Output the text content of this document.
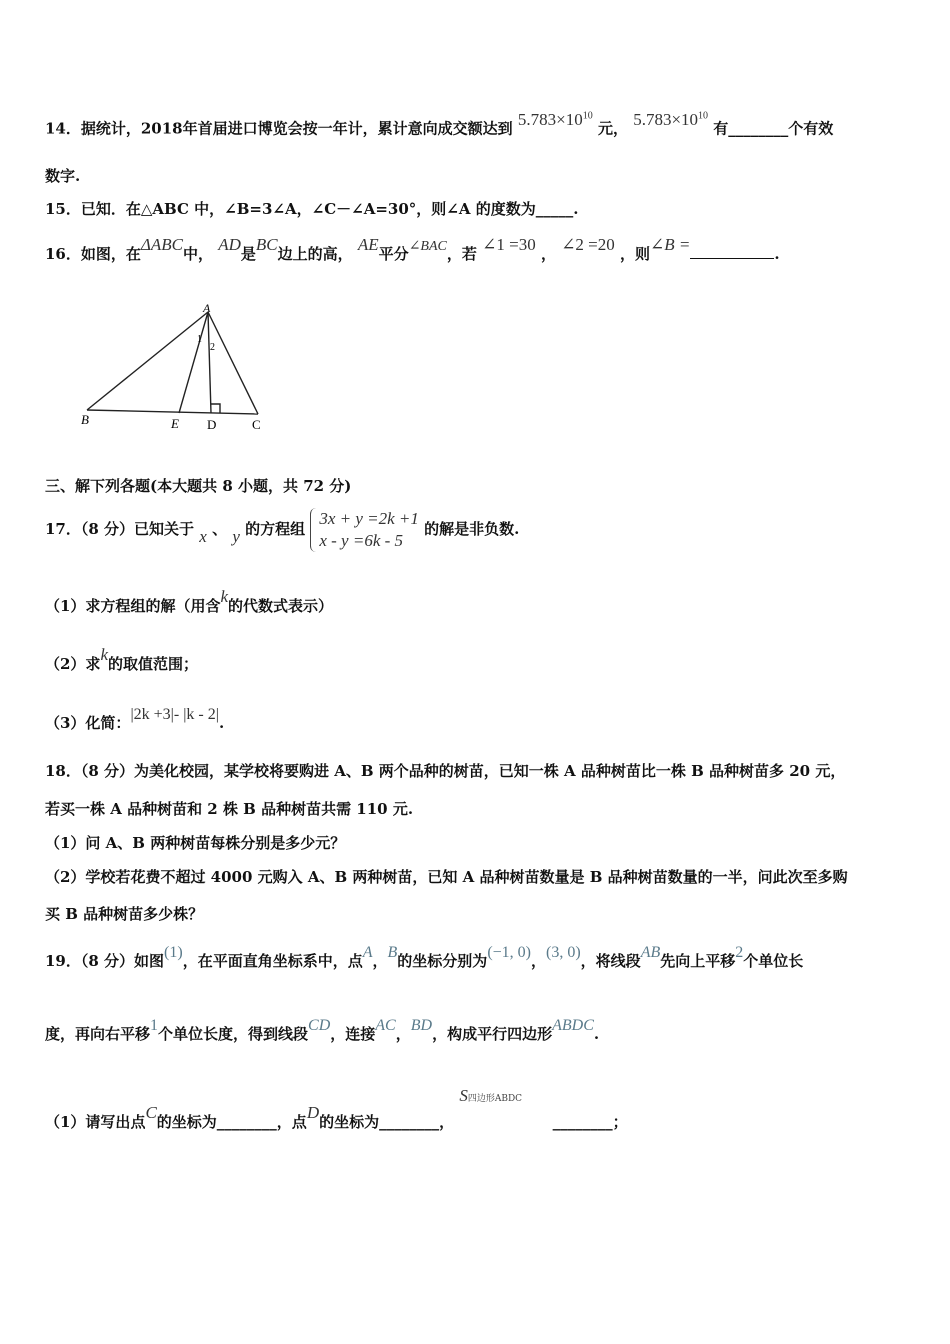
14．据统计，2018年首届进口博览会按一年计，累计意向成交额达到 $5.783\times 10^{10}$ 元， $5.783\times 10^{10}$ 有________个有效
数字.
15．已知．在△ABC 中，∠B=3∠A，∠C－∠A=30°，则∠A 的度数为_____.
16．如图，在ΔABC中， AD是BC边上的高， AE平分∠BAC，若 ∠1 =30 ， ∠2 =20 ，则∠B =	.
A
1
2
B	E D	C
三、解下列各题(本大题共 8 小题，共 72 分)
17．（8 分）已知关于 x 、 y 的方程组
3x + y =2k +1
x - y =6k - 5
的解是非负数.
（1）求方程组的解（用含k的代数式表示）
（2）求k的取值范围；
（3）化简：|2k +3|- |k - 2|.
18．（8 分）为美化校园，某学校将要购进 A、B 两个品种的树苗，已知一株 A 品种树苗比一株 B 品种树苗多 20 元，
若买一株 A 品种树苗和 2 株 B 品种树苗共需 110 元.
（1）问 A、B 两种树苗每株分别是多少元？
（2）学校若花费不超过 4000 元购入 A、B 两种树苗，已知 A 品种树苗数量是 B 品种树苗数量的一半，问此次至多购
买 B 品种树苗多少株？
19．（8 分）如图(1)，在平面直角坐标系中，点A，B的坐标分别为(−1, 0)，(3, 0)，将线段AB先向上平移2个单位长
度，再向右平移1个单位长度，得到线段CD，连接AC，BD，构成平行四边形ABDC.
（1）请写出点C的坐标为________，点D的坐标为________， S四边形ABDC ________；
